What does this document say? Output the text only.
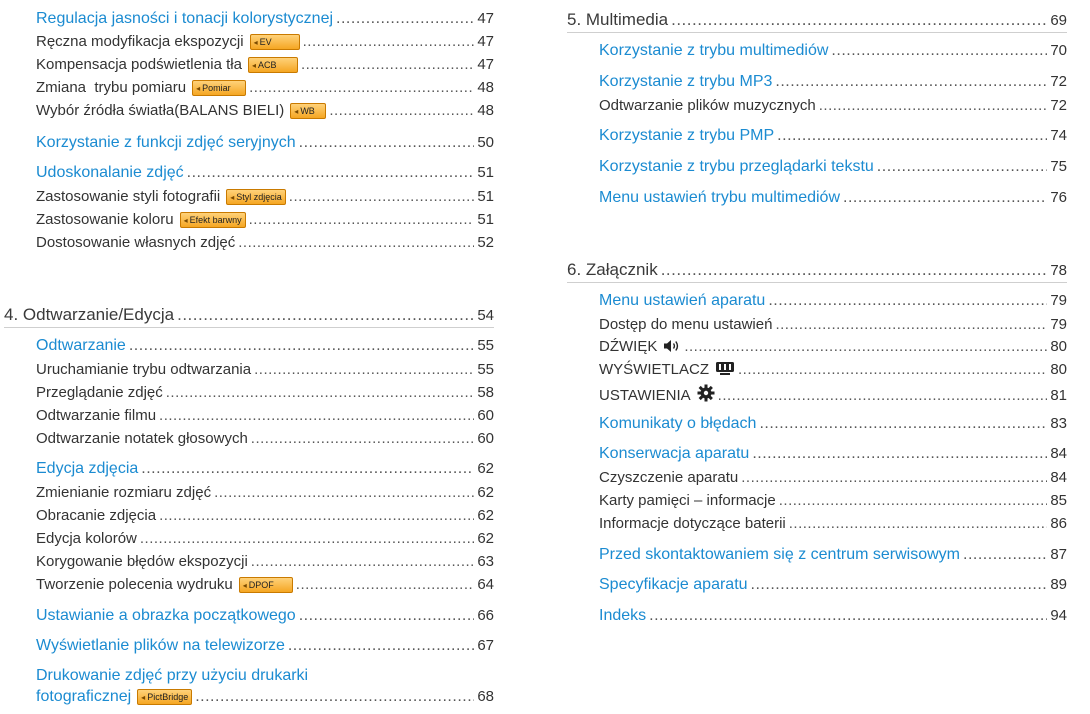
Regulacja jasności i tonacji kolorystycznej .....	47
Ręczna modyfikacja ekspozycji ◂ EV .....	47
Kompensacja podświetlenia tła ◂ ACB .....	47
Zmiana  trybu pomiaru ◂ Pomiar .....	48
Wybór źródła światła(BALANS BIELI) ◂ WB .....	48
Korzystanie z funkcji zdjęć seryjnych .....	50
Udoskonalanie zdjęć .....	51
Zastosowanie styli fotografii ◂ Styl zdjęcia .....	51
Zastosowanie koloru ◂ Efekt barwny .....	51
Dostosowanie własnych zdjęć .....	52
4. Odtwarzanie/Edycja .....	54
Odtwarzanie .....	55
Uruchamianie trybu odtwarzania .....	55
Przeglądanie zdjęć .....	58
Odtwarzanie filmu .....	60
Odtwarzanie notatek głosowych .....	60
Edycja zdjęcia .....	62
Zmienianie rozmiaru zdjęć .....	62
Obracanie zdjęcia .....	62
Edycja kolorów .....	62
Korygowanie błędów ekspozycji .....	63
Tworzenie polecenia wydruku ◂ DPOF .....	64
Ustawianie a obrazka początkowego .....	66
Wyświetlanie plików na telewizorze .....	67
Drukowanie zdjęć przy użyciu drukarki
fotograficznej ◂ PictBridge .....	68
5. Multimedia .....	69
Korzystanie z trybu multimediów .....	70
Korzystanie z trybu MP3 .....	72
Odtwarzanie plików muzycznych .....	72
Korzystanie z trybu PMP .....	74
Korzystanie z trybu przeglądarki tekstu .....	75
Menu ustawień trybu multimediów .....	76
6. Załącznik .....	78
Menu ustawień aparatu .....	79
Dostęp do menu ustawień .....	79
DŹWIĘK .....	80
WYŚWIETLACZ .....	80
USTAWIENIA .....	81
Komunikaty o błędach .....	83
Konserwacja aparatu .....	84
Czyszczenie aparatu .....	84
Karty pamięci – informacje .....	85
Informacje dotyczące baterii .....	86
Przed skontaktowaniem się z centrum serwisowym .....	87
Specyfikacje aparatu .....	89
Indeks .....	94
